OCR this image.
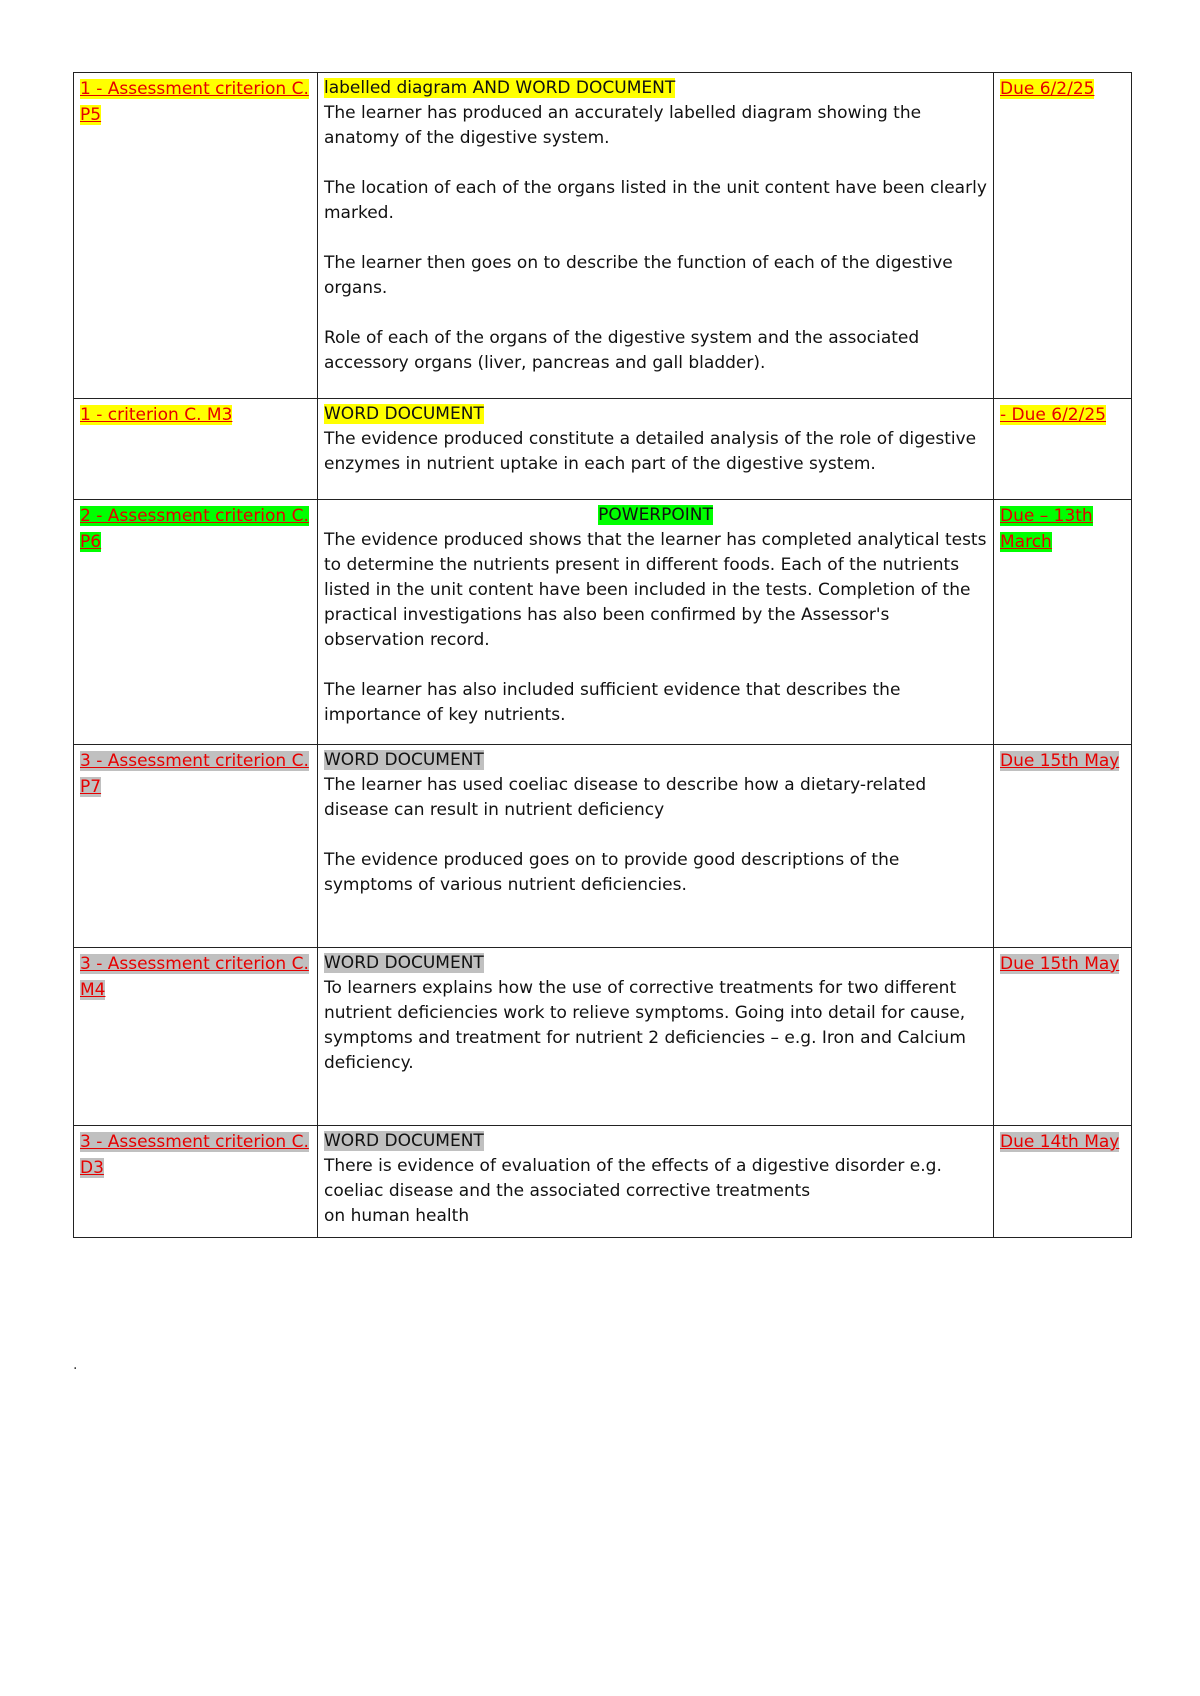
1 - Assessment criterion C. P5	labelled diagram AND WORD DOCUMENT

The learner has produced an accurately labelled diagram showing the anatomy of the digestive system.

The location of each of the organs listed in the unit content have been clearly marked.

The learner then goes on to describe the function of each of the digestive organs.

Role of each of the organs of the digestive system and the associated accessory organs (liver, pancreas and gall bladder).	Due 6/2/25
1 - criterion C. M3	WORD DOCUMENT

The evidence produced constitute a detailed analysis of the role of digestive enzymes in nutrient uptake in each part of the digestive system.	- Due 6/2/25
2 - Assessment criterion C. P6	POWERPOINT

The evidence produced shows that the learner has completed analytical tests to determine the nutrients present in different foods. Each of the nutrients listed in the unit content have been included in the tests. Completion of the practical investigations has also been confirmed by the Assessor's observation record.

The learner has also included sufficient evidence that describes the importance of key nutrients.	Due – 13th March
3 - Assessment criterion C. P7	WORD DOCUMENT

The learner has used coeliac disease to describe how a dietary-related disease can result in nutrient deficiency

The evidence produced goes on to provide good descriptions of the symptoms of various nutrient deficiencies.	Due 15th May
3 - Assessment criterion C. M4	WORD DOCUMENT

To learners explains how the use of corrective treatments for two different nutrient deficiencies work to relieve symptoms. Going into detail for cause, symptoms and treatment for nutrient 2 deficiencies – e.g. Iron and Calcium deficiency.	Due 15th May
3 - Assessment criterion C. D3	WORD DOCUMENT

There is evidence of evaluation of the effects of a digestive disorder e.g. coeliac disease and the associated corrective treatments

on human health	Due 14th May
.
